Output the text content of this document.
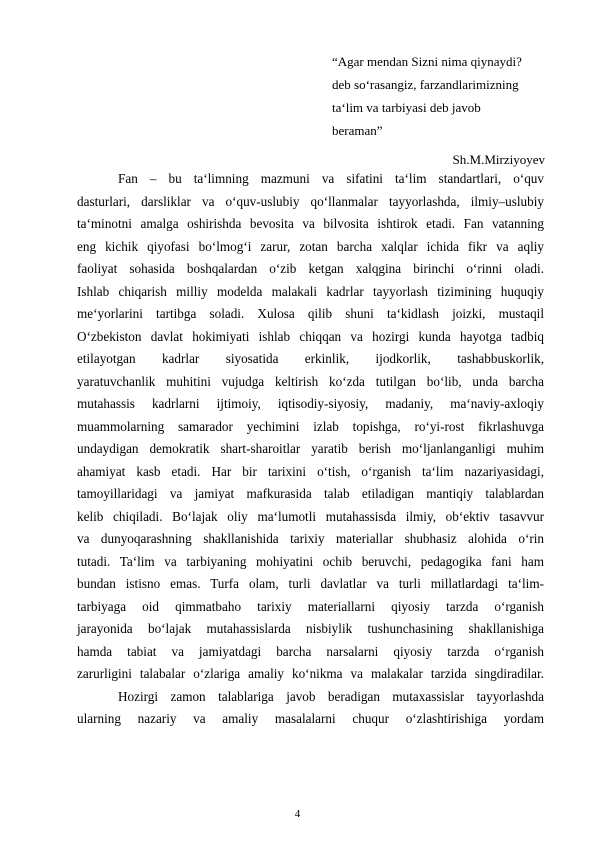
“Agar mendan Sizni nima qiynaydi?
deb so‘rasangiz, farzandlarimizning
ta‘lim va tarbiyasi deb javob
beraman”
Sh.M.Mirziyoyev
Fan – bu ta‘limning mazmuni va sifatini ta‘lim standartlari, o‘quv
dasturlari, darsliklar va o‘quv-uslubiy qo‘llanmalar tayyorlashda, ilmiy–uslubiy
ta‘minotni amalga oshirishda bevosita va bilvosita ishtirok etadi. Fan vatanning
eng kichik qiyofasi bo‘lmog‘i zarur, zotan barcha xalqlar ichida fikr va aqliy
faoliyat sohasida boshqalardan o‘zib ketgan xalqgina birinchi o‘rinni oladi.
Ishlab chiqarish milliy modelda malakali kadrlar tayyorlash tizimining huquqiy
me‘yorlarini tartibga soladi. Xulosa qilib shuni ta‘kidlash joizki, mustaqil
O‘zbekiston davlat hokimiyati ishlab chiqqan va hozirgi kunda hayotga tadbiq
etilayotgan kadrlar siyosatida erkinlik, ijodkorlik, tashabbuskorlik,
yaratuvchanlik muhitini vujudga keltirish ko‘zda tutilgan bo‘lib, unda barcha
mutahassis kadrlarni ijtimoiy, iqtisodiy-siyosiy, madaniy, ma‘naviy-axloqiy
muammolarning samarador yechimini izlab topishga, ro‘yi-rost fikrlashuvga
undaydigan demokratik shart-sharoitlar yaratib berish mo‘ljanlanganligi muhim
ahamiyat kasb etadi. Har bir tarixini o‘tish, o‘rganish ta‘lim nazariyasidagi,
tamoyillaridagi va jamiyat mafkurasida talab etiladigan mantiqiy talablardan
kelib chiqiladi. Bo‘lajak oliy ma‘lumotli mutahassisda ilmiy, ob‘ektiv tasavvur
va dunyoqarashning shakllanishida tarixiy materiallar shubhasiz alohida o‘rin
tutadi. Ta‘lim va tarbiyaning mohiyatini ochib beruvchi, pedagogika fani ham
bundan istisno emas. Turfa olam, turli davlatlar va turli millatlardagi ta‘lim-
tarbiyaga oid qimmatbaho tarixiy materiallarni qiyosiy tarzda o‘rganish
jarayonida bo‘lajak mutahassislarda nisbiylik tushunchasining shakllanishiga
hamda tabiat va jamiyatdagi barcha narsalarni qiyosiy tarzda o‘rganish
zarurligini talabalar o‘zlariga amaliy ko‘nikma va malakalar tarzida singdiradilar.
Hozirgi zamon talablariga javob beradigan mutaxassislar tayyorlashda
ularning nazariy va amaliy masalalarni chuqur o‘zlashtirishiga yordam
4
